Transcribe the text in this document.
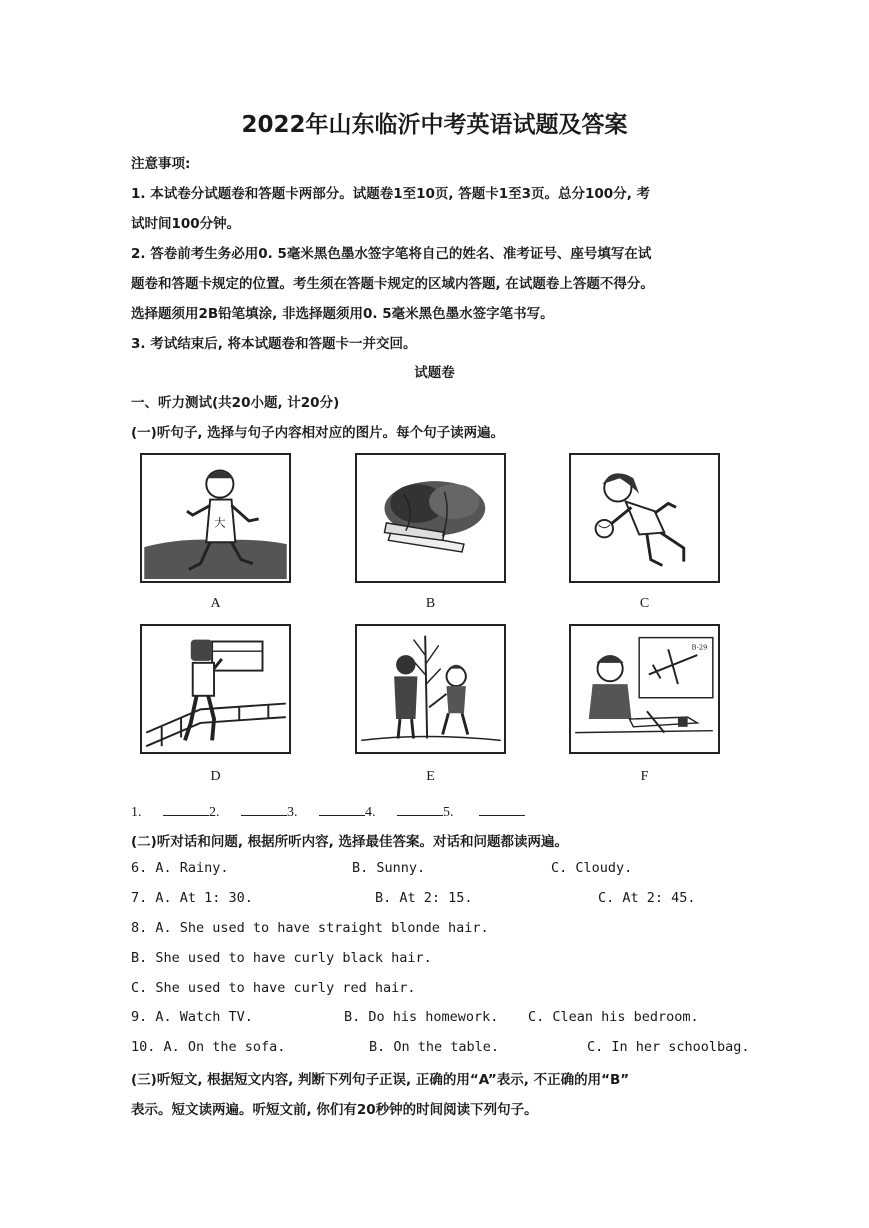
2022年山东临沂中考英语试题及答案
注意事项:
1. 本试卷分试题卷和答题卡两部分。试题卷1至10页, 答题卡1至3页。总分100分, 考
试时间100分钟。
2. 答卷前考生务必用0. 5毫米黑色墨水签字笔将自己的姓名、准考证号、座号填写在试
题卷和答题卡规定的位置。考生须在答题卡规定的区域内答题, 在试题卷上答题不得分。
选择题须用2B铅笔填涂, 非选择题须用0. 5毫米黑色墨水签字笔书写。
3. 考试结束后, 将本试题卷和答题卡一并交回。
试题卷
一、听力测试(共20小题, 计20分)
(一)听句子, 选择与句子内容相对应的图片。每个句子读两遍。
大
A	B	C
D	E
B-29
F
1.	2.	3.	4.	5.
(二)听对话和问题, 根据所听内容, 选择最佳答案。对话和问题都读两遍。
6. A. Rainy.	B. Sunny.	C. Cloudy.
7. A. At 1: 30.	B. At 2: 15.	C. At 2: 45.
8. A. She used to have straight blonde hair.
B. She used to have curly black hair.
C. She used to have curly red hair.
9. A. Watch TV.	B. Do his homework. C. Clean his bedroom.
10. A. On the sofa.	B. On the table.	C. In her schoolbag.
(三)听短文, 根据短文内容, 判断下列句子正误, 正确的用“A”表示, 不正确的用“B”
表示。短文读两遍。听短文前, 你们有20秒钟的时间阅读下列句子。
